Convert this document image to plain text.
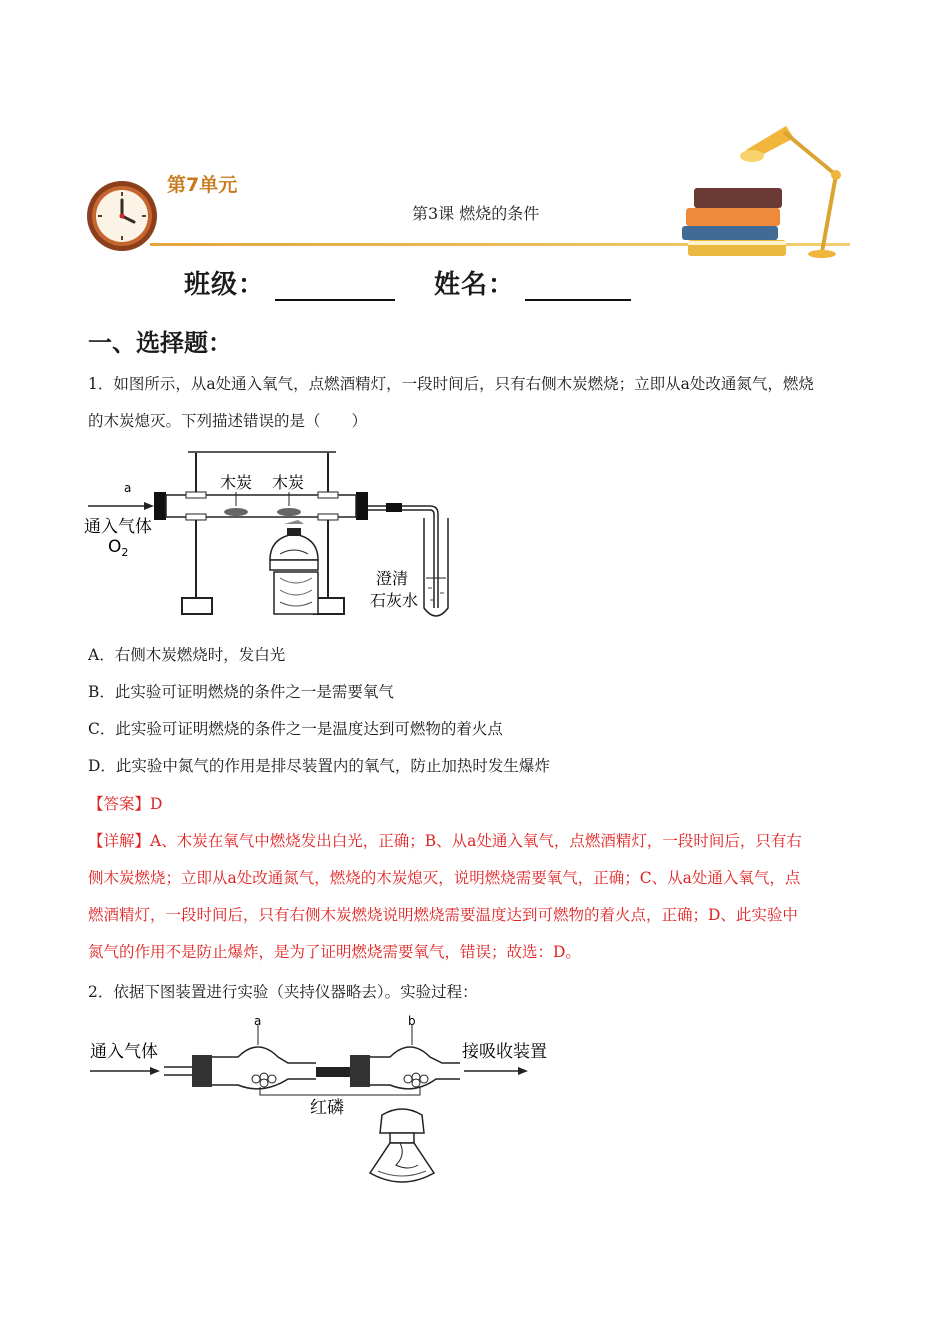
第7单元
第3课 燃烧的条件
班级：	姓名：
一、选择题：
1．如图所示，从a处通入氧气，点燃酒精灯，一段时间后，只有右侧木炭燃烧；立即从a处改通氮气，燃烧
的木炭熄灭。下列描述错误的是（　　）
a
通入气体
$O_2$
木炭 木炭
澄清
石灰水
A．右侧木炭燃烧时，发白光
B．此实验可证明燃烧的条件之一是需要氧气
C．此实验可证明燃烧的条件之一是温度达到可燃物的着火点
D．此实验中氮气的作用是排尽装置内的氧气，防止加热时发生爆炸
【答案】D
【详解】A、木炭在氧气中燃烧发出白光，正确；B、从a处通入氧气，点燃酒精灯，一段时间后，只有右
侧木炭燃烧；立即从a处改通氮气，燃烧的木炭熄灭，说明燃烧需要氧气，正确；C、从a处通入氧气，点
燃酒精灯，一段时间后，只有右侧木炭燃烧说明燃烧需要温度达到可燃物的着火点，正确；D、此实验中
氮气的作用不是防止爆炸，是为了证明燃烧需要氧气，错误；故选：D。
2．依据下图装置进行实验（夹持仪器略去）。实验过程：
通入气体
a	b
接吸收装置
红磷
